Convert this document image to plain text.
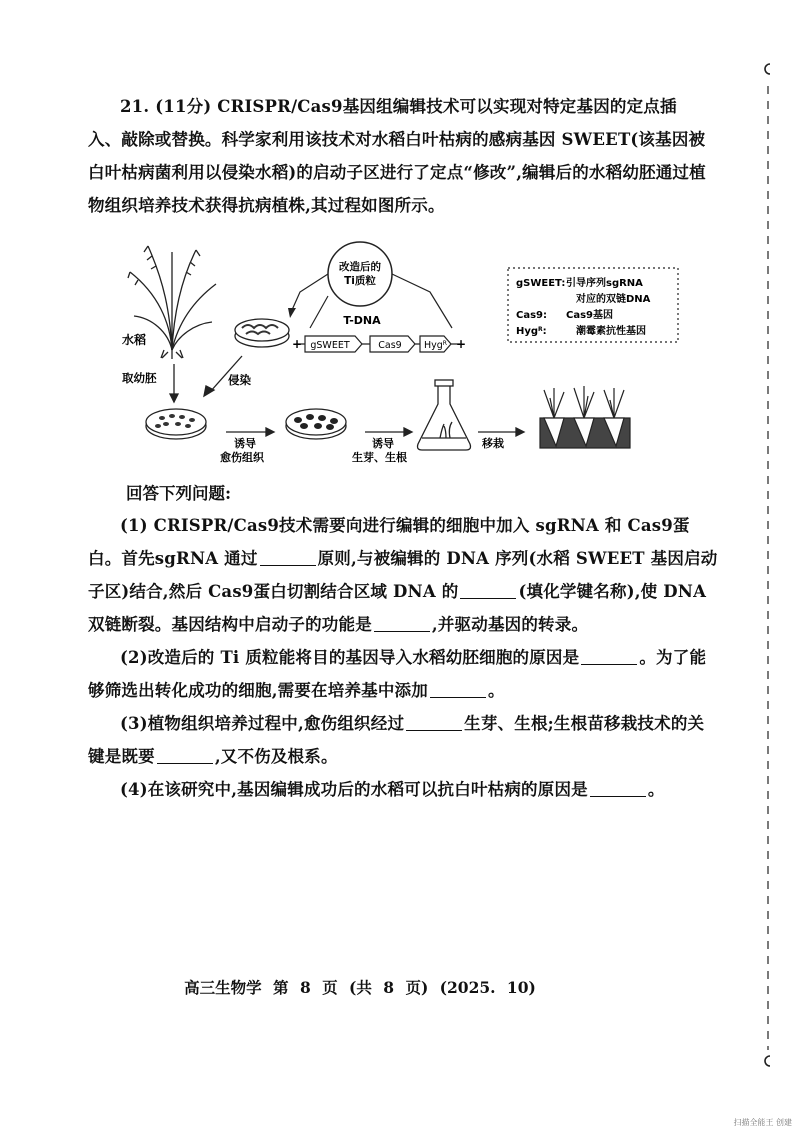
21. (11分) CRISPR/Cas9基因组编辑技术可以实现对特定基因的定点插入、敲除或替换。科学家利用该技术对水稻白叶枯病的感病基因 SWEET(该基因被白叶枯病菌利用以侵染水稻)的启动子区进行了定点“修改”,编辑后的水稻幼胚通过植物组织培养技术获得抗病植株,其过程如图所示。
水稻
改造后的
Ti质粒
T-DNA
+	+
gSWEET	Cas9 Hyg$^R$
gSWEET: 引导序列sgRNA
对应的双链DNA
Cas9: Cas9基因
Hyg$^R$:	潮霉素抗性基因
取幼胚	侵染
诱导
愈伤组织
诱导
生芽、生根
移栽
回答下列问题:

(1) CRISPR/Cas9技术需要向进行编辑的细胞中加入 sgRNA 和 Cas9蛋白。首先sgRNA 通过	原则,与被编辑的 DNA 序列(水稻 SWEET 基因启动子区)结合,然后 Cas9蛋白切割结合区域 DNA 的	(填化学键名称),使 DNA 双链断裂。基因结构中启动子的功能是	,并驱动基因的转录。

(2)改造后的 Ti 质粒能将目的基因导入水稻幼胚细胞的原因是	。为了能够筛选出转化成功的细胞,需要在培养基中添加	。

(3)植物组织培养过程中,愈伤组织经过	生芽、生根;生根苗移栽技术的关键是既要	,又不伤及根系。

(4)在该研究中,基因编辑成功后的水稻可以抗白叶枯病的原因是	。

高三生物学 第 8 页 (共 8 页) (2025. 10)
扫描全能王 创建
